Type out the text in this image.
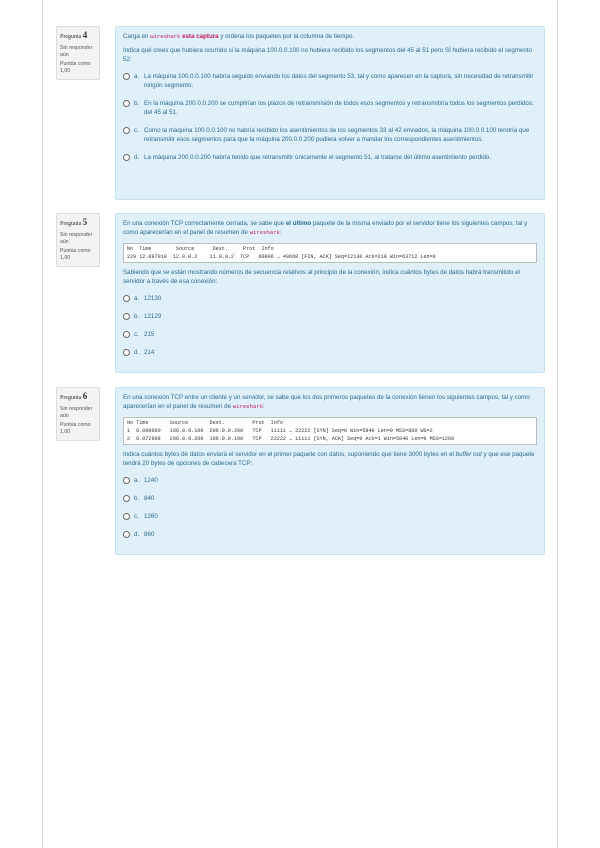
Pregunta 4
Sin responder aún
Puntúa como 1,00

Carga en wireshark esta captura y ordena los paquetes por la columna de tiempo.

Indica qué crees que hubiera ocurrido si la máquina 100.0.0.100 no hubiera recibido los segmentos del 45 al 51 pero SÍ hubiera recibido el segmento 52:

a. La máquina 100.0.0.100 habría seguido enviando los datos del segmento 53, tal y como aparecen en la captura, sin necesidad de retransmitir ningún segmento.
b. En la máquina 200.0.0.200 se cumplirían los plazos de retransmisión de todos esos segmentos y retransmitiría todos los segmentos perdidos: del 45 al 51.
c. Como la máquina 100.0.0.100 no habría recibido los asentimientos de los segmentos 33 al 42 enviados, la máquina 100.0.0.100 tendría que retransmitir esos segmentos para que la máquina 200.0.0.200 pudiera volver a mandar los correspondientes asentimientos.
d. La máquina 200.0.0.200 habría tenido que retransmitir únicamente el segmento 51, al tratarse del último asentimiento perdido.
Pregunta 5
Sin responder aún
Puntúa como 1,00

En una conexión TCP correctamente cerrada, se sabe que el último paquete de la misma enviado por el servidor tiene los siguientes campos, tal y como aparecerían en el panel de resumen de wireshark:

No  Time        Source      Dest.     Prot  Info
229 12.097019  12.0.0.2    11.0.0.2  TCP   60006 → 49668 [FIN, ACK] Seq=12130 Ack=218 Win=63712 Len=0

Sabiendo que se están mostrando números de secuencia relativos al principio de la conexión, indica cuántos bytes de datos habrá transmitido el servidor a través de esa conexión:

a. 12130
b. 12129
c. 215
d. 214
Pregunta 6
Sin responder aún
Puntúa como 1,00

En una conexión TCP entre un cliente y un servidor, se sabe que los dos primeros paquetes de la conexión tienen los siguientes campos, tal y como aparecerían en el panel de resumen de wireshark:

No Time       Source       Dest.         Prot  Info
1  0.000000   100.0.0.100  200.0.0.200   TCP   11111 → 22222 [SYN] Seq=0 Win=5840 Len=0 MSS=860 WS=2
2  0.072908   200.0.0.200  100.0.0.100   TCP   22222 → 11111 [SYN, ACK] Seq=0 Ack=1 Win=5840 Len=0 MSS=1260

Indica cuántos bytes de datos enviará el servidor en el primer paquete con datos, suponiendo que tiene 3000 bytes en el buffer out y que ese paquete tendrá 20 bytes de opciones de cabecera TCP:

a. 1240
b. 840
c. 1260
d. 860
